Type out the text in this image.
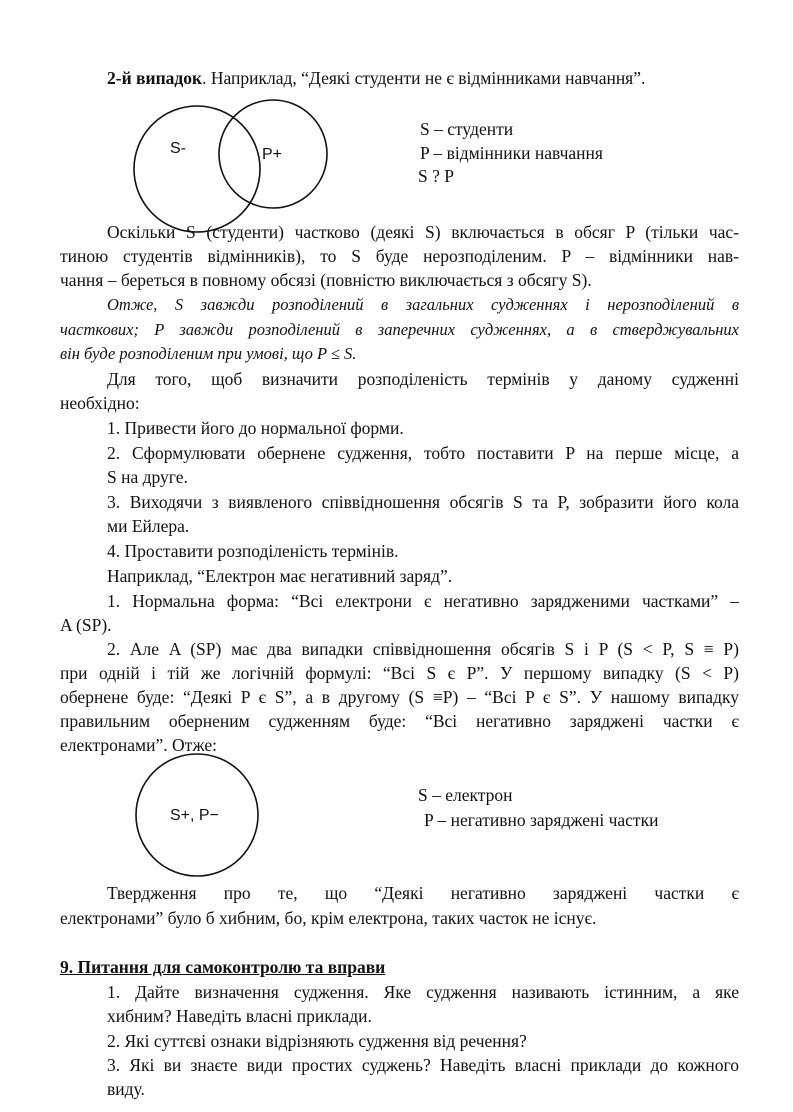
2-й випадок. Наприклад, “Деякі студенти не є відмінниками навчання”.
S-	P+
S – студенти
P – відмінники навчання
S ? P
Оскільки S (студенти) частково (деякі S) включається в обсяг P (тільки час-
тиною студентів відмінників), то S буде нерозподіленим. P – відмінники нав-
чання – береться в повному обсязі (повністю виключається з обсягу S).
Отже, S завжди розподілений в загальних судженнях і нерозподілений в
часткових; P завжди розподілений в заперечних судженнях, а в стверджувальних
він буде розподіленим при умові, що P ≤ S.
Для того, щоб визначити розподіленість термінів у даному судженні
необхідно:
1. Привести його до нормальної форми.
2. Сформулювати обернене судження, тобто поставити P на перше місце, а
S на друге.
3. Виходячи з виявленого співвідношення обсягів S та P, зобразити його кола
ми Ейлера.
4. Проставити розподіленість термінів.
Наприклад, “Електрон має негативний заряд”.
1. Нормальна форма: “Всі електрони є негативно зарядженими частками” –
A (SP).
2. Але A (SP) має два випадки співвідношення обсягів S і P (S < P, S ≡ P)
при одній і тій же логічній формулі: “Всі S є P”. У першому випадку (S < P)
обернене буде: “Деякі P є S”, а в другому (S ≡P) – “Всі P є S”. У нашому випадку
правильним оберненим судженням буде: “Всі негативно заряджені частки є
електронами”. Отже:
S+, P−
S – електрон
P – негативно заряджені частки
Твердження про те, що “Деякі негативно заряджені частки є
електронами” було б хибним, бо, крім електрона, таких часток не існує.
9. Питання для самоконтролю та вправи
1. Дайте визначення судження. Яке судження називають істинним, а яке
хибним? Наведіть власні приклади.
2. Які суттєві ознаки відрізняють судження від речення?
3. Які ви знаєте види простих суджень? Наведіть власні приклади до кожного
виду.
